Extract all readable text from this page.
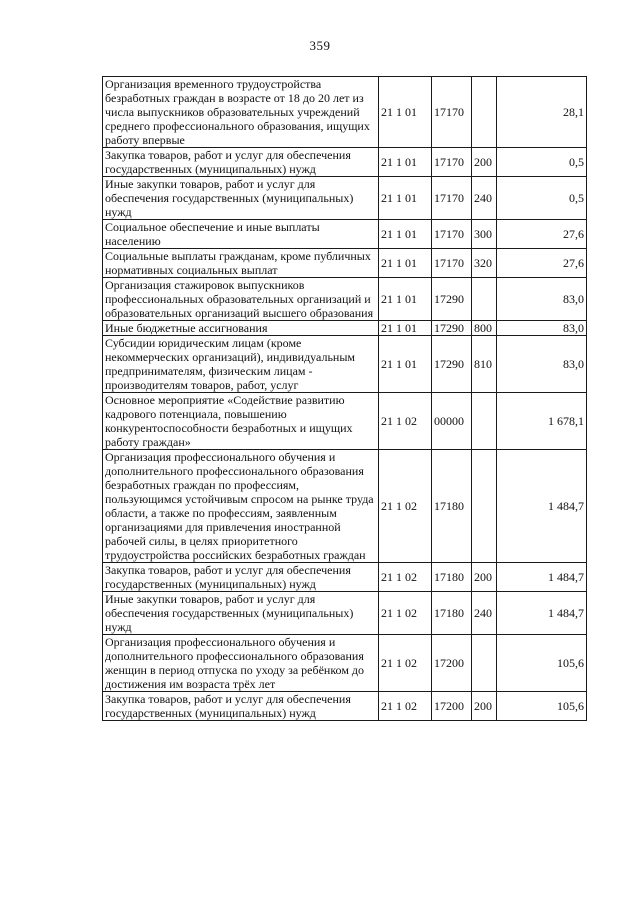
359
Организация временного трудоустройства безработных граждан в возрасте от 18 до 20 лет из числа выпускников образовательных учреждений среднего профессионального образования, ищущих работу впервые	21 1 01	17170		28,1
Закупка товаров, работ и услуг для обеспечения государственных (муниципальных) нужд	21 1 01	17170	200	0,5
Иные закупки товаров, работ и услуг для обеспечения государственных (муниципальных) нужд	21 1 01	17170	240	0,5
Социальное обеспечение и иные выплаты населению	21 1 01	17170	300	27,6
Социальные выплаты гражданам, кроме публичных нормативных социальных выплат	21 1 01	17170	320	27,6
Организация стажировок выпускников профессиональных образовательных организаций и образовательных организаций высшего образования	21 1 01	17290		83,0
Иные бюджетные ассигнования	21 1 01	17290	800	83,0
Субсидии юридическим лицам (кроме некоммерческих организаций), индивидуальным предпринимателям, физическим лицам - производителям товаров, работ, услуг	21 1 01	17290	810	83,0
Основное мероприятие «Содействие развитию кадрового потенциала, повышению конкурентоспособности безработных и ищущих работу граждан»	21 1 02	00000		1 678,1
Организация профессионального обучения и дополнительного профессионального образования безработных граждан по профессиям, пользующимся устойчивым спросом на рынке труда области, а также по профессиям, заявленным организациями для привлечения иностранной рабочей силы, в целях приоритетного трудоустройства российских безработных граждан	21 1 02	17180		1 484,7
Закупка товаров, работ и услуг для обеспечения государственных (муниципальных) нужд	21 1 02	17180	200	1 484,7
Иные закупки товаров, работ и услуг для обеспечения государственных (муниципальных) нужд	21 1 02	17180	240	1 484,7
Организация профессионального обучения и дополнительного профессионального образования женщин в период отпуска по уходу за ребёнком до достижения им возраста трёх лет	21 1 02	17200		105,6
Закупка товаров, работ и услуг для обеспечения государственных (муниципальных) нужд	21 1 02	17200	200	105,6
